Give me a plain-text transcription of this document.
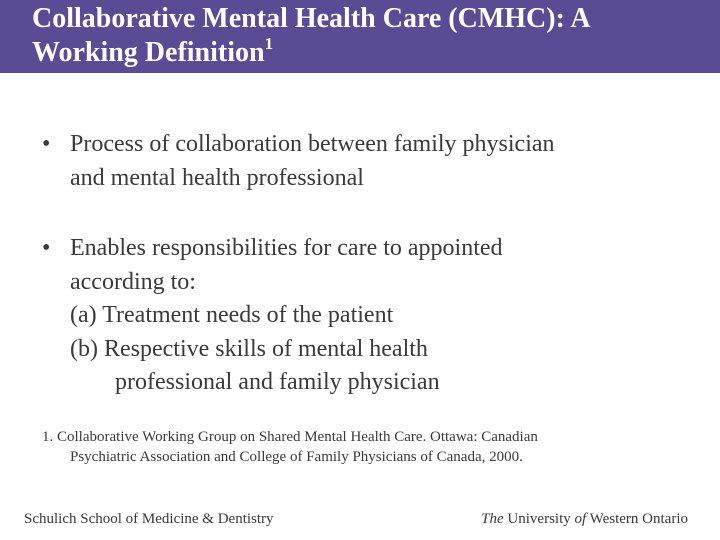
Collaborative Mental Health Care (CMHC): A
Working Definition$^1$
• Process of collaboration between family physician
and mental health professional
• Enables responsibilities for care to appointed
according to:
(a) Treatment needs of the patient
(b) Respective skills of mental health
professional and family physician
1. Collaborative Working Group on Shared Mental Health Care. Ottawa: Canadian
Psychiatric Association and College of Family Physicians of Canada, 2000.
Schulich School of Medicine & Dentistry	The University of Western Ontario
